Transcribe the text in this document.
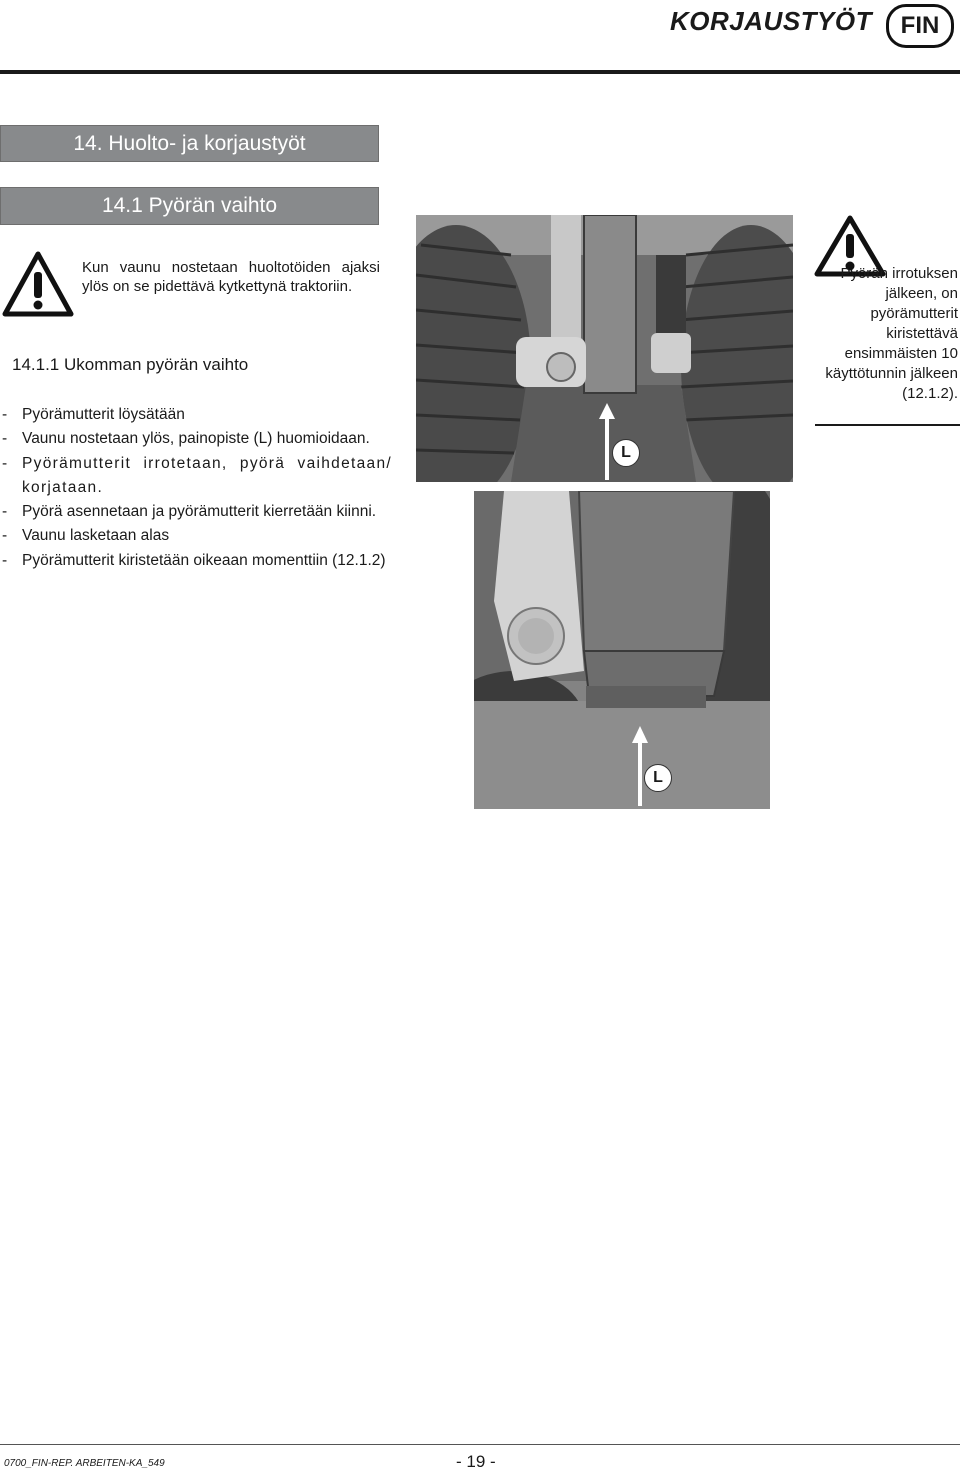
KORJAUSTYÖT	FIN
14. Huolto- ja korjaustyöt
14.1 Pyörän vaihto
Kun vaunu nostetaan huoltotöiden ajaksi ylös on se pidettävä kytkettynä traktoriin.
14.1.1 Ukomman pyörän vaihto
- Pyörämutterit löysätään
- Vaunu nostetaan ylös, painopiste (L) huomioidaan.
- Pyörämutterit irrotetaan, pyörä vaihdetaan/ korjataan.
- Pyörä asennetaan ja pyörämutterit kierretään kiinni.
- Vaunu lasketaan alas
- Pyörämutterit kiristetään oikeaan momenttiin (12.1.2)
L
Pyörän irrotuksen jälkeen, on pyörämutterit kiristettävä ensimmäisten 10 käyttötunnin jälkeen (12.1.2).
L
0700_FIN-REP. ARBEITEN-KA_549	- 19 -
